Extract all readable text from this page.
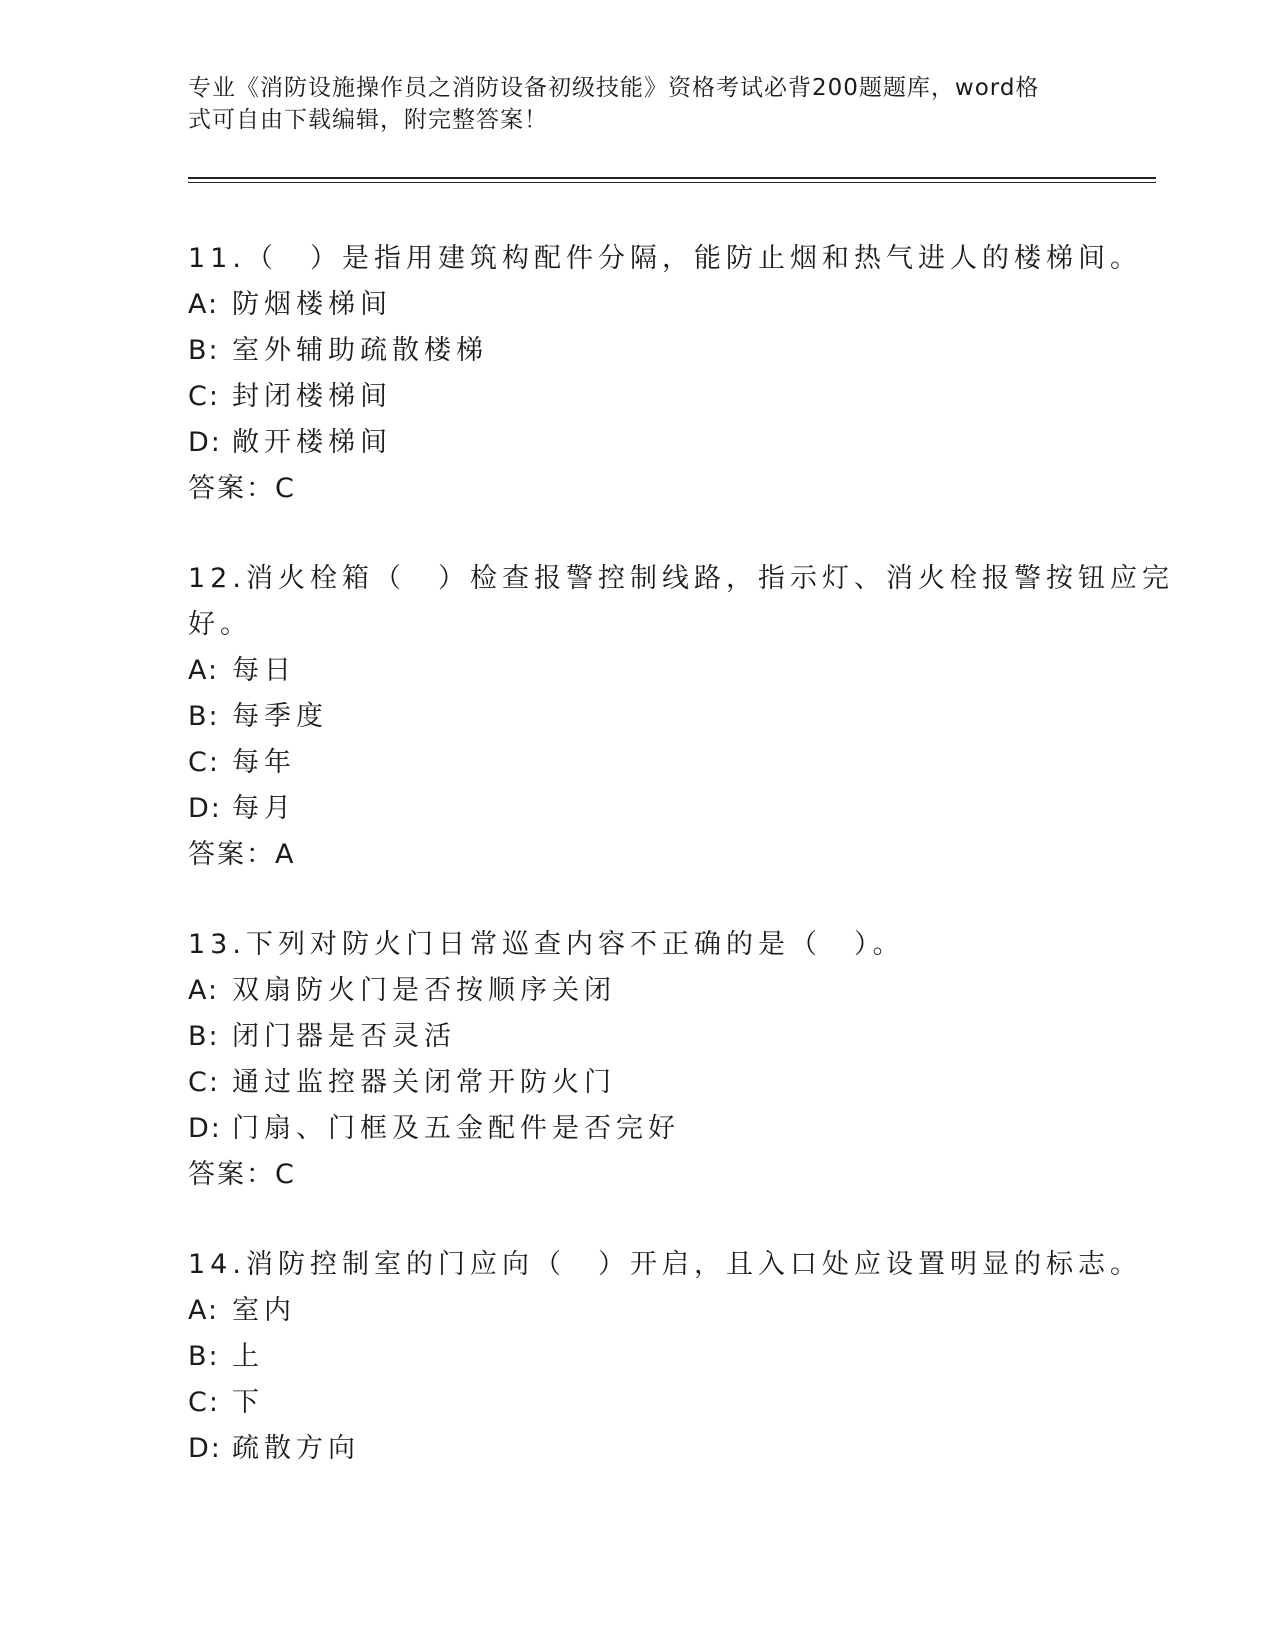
专业《消防设施操作员之消防设备初级技能》资格考试必背200题题库，word格
式可自由下载编辑，附完整答案！
11.（　）是指用建筑构配件分隔，能防止烟和热气进人的楼梯间。
A: 防烟楼梯间
B: 室外辅助疏散楼梯
C: 封闭楼梯间
D: 敞开楼梯间
答案：C
12.消火栓箱（　）检查报警控制线路，指示灯、消火栓报警按钮应完
好。
A: 每日
B: 每季度
C: 每年
D: 每月
答案：A
13.下列对防火门日常巡查内容不正确的是（　）。
A: 双扇防火门是否按顺序关闭
B: 闭门器是否灵活
C: 通过监控器关闭常开防火门
D: 门扇、门框及五金配件是否完好
答案：C
14.消防控制室的门应向（　）开启，且入口处应设置明显的标志。
A: 室内
B: 上
C: 下
D: 疏散方向
